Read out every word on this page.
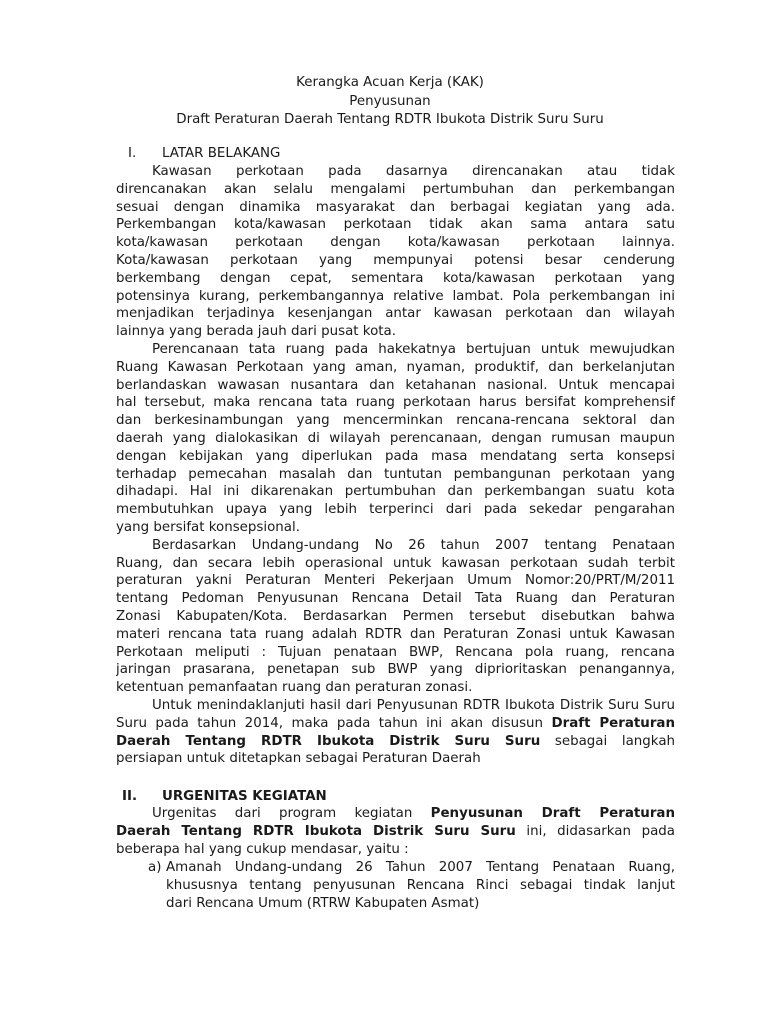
Kerangka Acuan Kerja (KAK)
Penyusunan
Draft Peraturan Daerah Tentang RDTR Ibukota Distrik Suru Suru
I. LATAR BELAKANG
Kawasan perkotaan pada dasarnya direncanakan atau tidak
direncanakan akan selalu mengalami pertumbuhan dan perkembangan
sesuai dengan dinamika masyarakat dan berbagai kegiatan yang ada.
Perkembangan kota/kawasan perkotaan tidak akan sama antara satu
kota/kawasan perkotaan dengan kota/kawasan perkotaan lainnya.
Kota/kawasan perkotaan yang mempunyai potensi besar cenderung
berkembang dengan cepat, sementara kota/kawasan perkotaan yang
potensinya kurang, perkembangannya relative lambat. Pola perkembangan ini
menjadikan terjadinya kesenjangan antar kawasan perkotaan dan wilayah
lainnya yang berada jauh dari pusat kota.
Perencanaan tata ruang pada hakekatnya bertujuan untuk mewujudkan
Ruang Kawasan Perkotaan yang aman, nyaman, produktif, dan berkelanjutan
berlandaskan wawasan nusantara dan ketahanan nasional. Untuk mencapai
hal tersebut, maka rencana tata ruang perkotaan harus bersifat komprehensif
dan berkesinambungan yang mencerminkan rencana-rencana sektoral dan
daerah yang dialokasikan di wilayah perencanaan, dengan rumusan maupun
dengan kebijakan yang diperlukan pada masa mendatang serta konsepsi
terhadap pemecahan masalah dan tuntutan pembangunan perkotaan yang
dihadapi. Hal ini dikarenakan pertumbuhan dan perkembangan suatu kota
membutuhkan upaya yang lebih terperinci dari pada sekedar pengarahan
yang bersifat konsepsional.
Berdasarkan Undang-undang No 26 tahun 2007 tentang Penataan
Ruang, dan secara lebih operasional untuk kawasan perkotaan sudah terbit
peraturan yakni Peraturan Menteri Pekerjaan Umum Nomor:20/PRT/M/2011
tentang Pedoman Penyusunan Rencana Detail Tata Ruang dan Peraturan
Zonasi Kabupaten/Kota. Berdasarkan Permen tersebut disebutkan bahwa
materi rencana tata ruang adalah RDTR dan Peraturan Zonasi untuk Kawasan
Perkotaan meliputi : Tujuan penataan BWP, Rencana pola ruang, rencana
jaringan prasarana, penetapan sub BWP yang diprioritaskan penangannya,
ketentuan pemanfaatan ruang dan peraturan zonasi.
Untuk menindaklanjuti hasil dari Penyusunan RDTR Ibukota Distrik Suru Suru
Suru pada tahun 2014, maka pada tahun ini akan disusun Draft Peraturan
Daerah Tentang RDTR Ibukota Distrik Suru Suru sebagai langkah
persiapan untuk ditetapkan sebagai Peraturan Daerah
II. URGENITAS KEGIATAN
Urgenitas dari program kegiatan Penyusunan Draft Peraturan
Daerah Tentang RDTR Ibukota Distrik Suru Suru ini, didasarkan pada
beberapa hal yang cukup mendasar, yaitu :
a) Amanah Undang-undang 26 Tahun 2007 Tentang Penataan Ruang,
khususnya tentang penyusunan Rencana Rinci sebagai tindak lanjut
dari Rencana Umum (RTRW Kabupaten Asmat)
